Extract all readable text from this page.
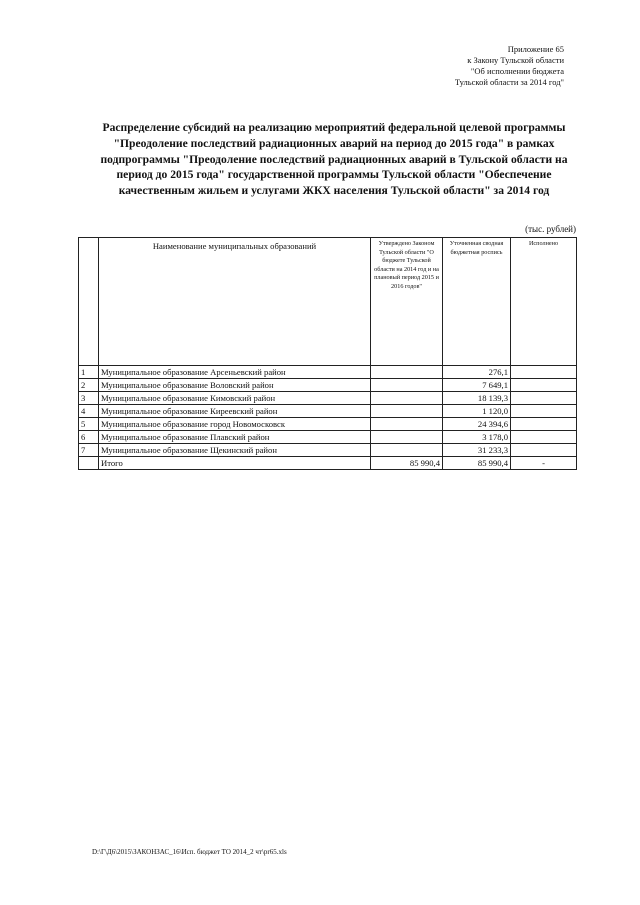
Приложение 65
к Закону Тульской области
"Об исполнении бюджета
Тульской области за 2014 год"
Распределение субсидий на реализацию мероприятий федеральной целевой программы "Преодоление последствий радиационных аварий на период до 2015 года" в рамках подпрограммы "Преодоление последствий радиационных аварий в Тульской области на период до 2015 года" государственной программы Тульской области "Обеспечение качественным жильем и услугами ЖКХ населения Тульской области" за 2014 год
(тыс. рублей)
	Наименование муниципальных образований	Утверждено Законом Тульской области "О бюджете Тульской области на 2014 год и на плановый период 2015 и 2016 годов"	Уточненная сводная бюджетная роспись	Исполнено
1	Муниципальное образование Арсеньевский район		276,1	
2	Муниципальное образование Воловский район		7 649,1	
3	Муниципальное образование Кимовский район		18 139,3	
4	Муниципальное образование Киреевский район		1 120,0	
5	Муниципальное образование город Новомосковск		24 394,6	
6	Муниципальное образование Плавский район		3 178,0	
7	Муниципальное образование Щекинский район		31 233,3	
	Итого	85 990,4	85 990,4	-
D:\Г\Д6\2015\ЗАКОНЗАС_16\Исп. бюджет ТО 2014_2 чт\pr65.xls
